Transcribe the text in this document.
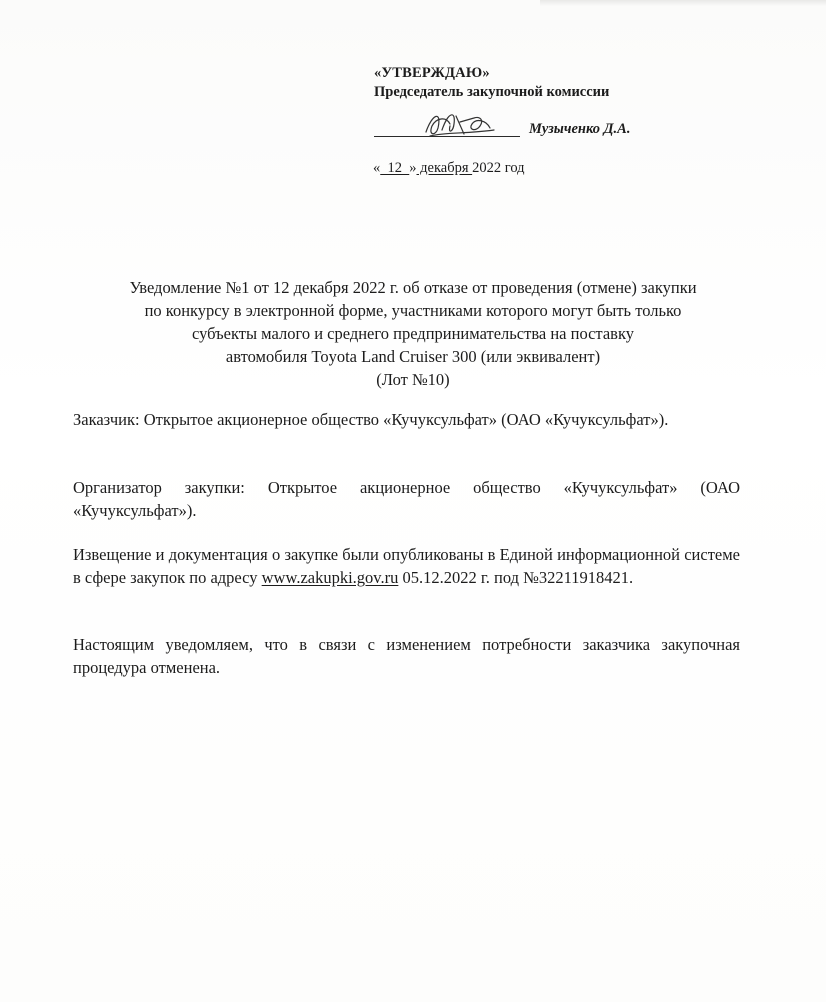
«УТВЕРЖДАЮ»
Председатель закупочной комиссии
Музыченко Д.А.
«  12  » декабря 2022 год
Уведомление №1 от 12 декабря 2022 г. об отказе от проведения (отмене) закупки
по конкурсу в электронной форме, участниками которого могут быть только
субъекты малого и среднего предпринимательства на поставку
автомобиля Toyota Land Cruiser 300 (или эквивалент)
(Лот №10)
Заказчик: Открытое акционерное общество «Кучуксульфат» (ОАО «Кучуксульфат»).
Организатор закупки: Открытое акционерное общество «Кучуксульфат» (ОАО «Кучуксульфат»).
Извещение и документация о закупке были опубликованы в Единой информационной системе в сфере закупок по адресу www.zakupki.gov.ru 05.12.2022 г. под №32211918421.
Настоящим уведомляем, что в связи с изменением потребности заказчика закупочная процедура отменена.
